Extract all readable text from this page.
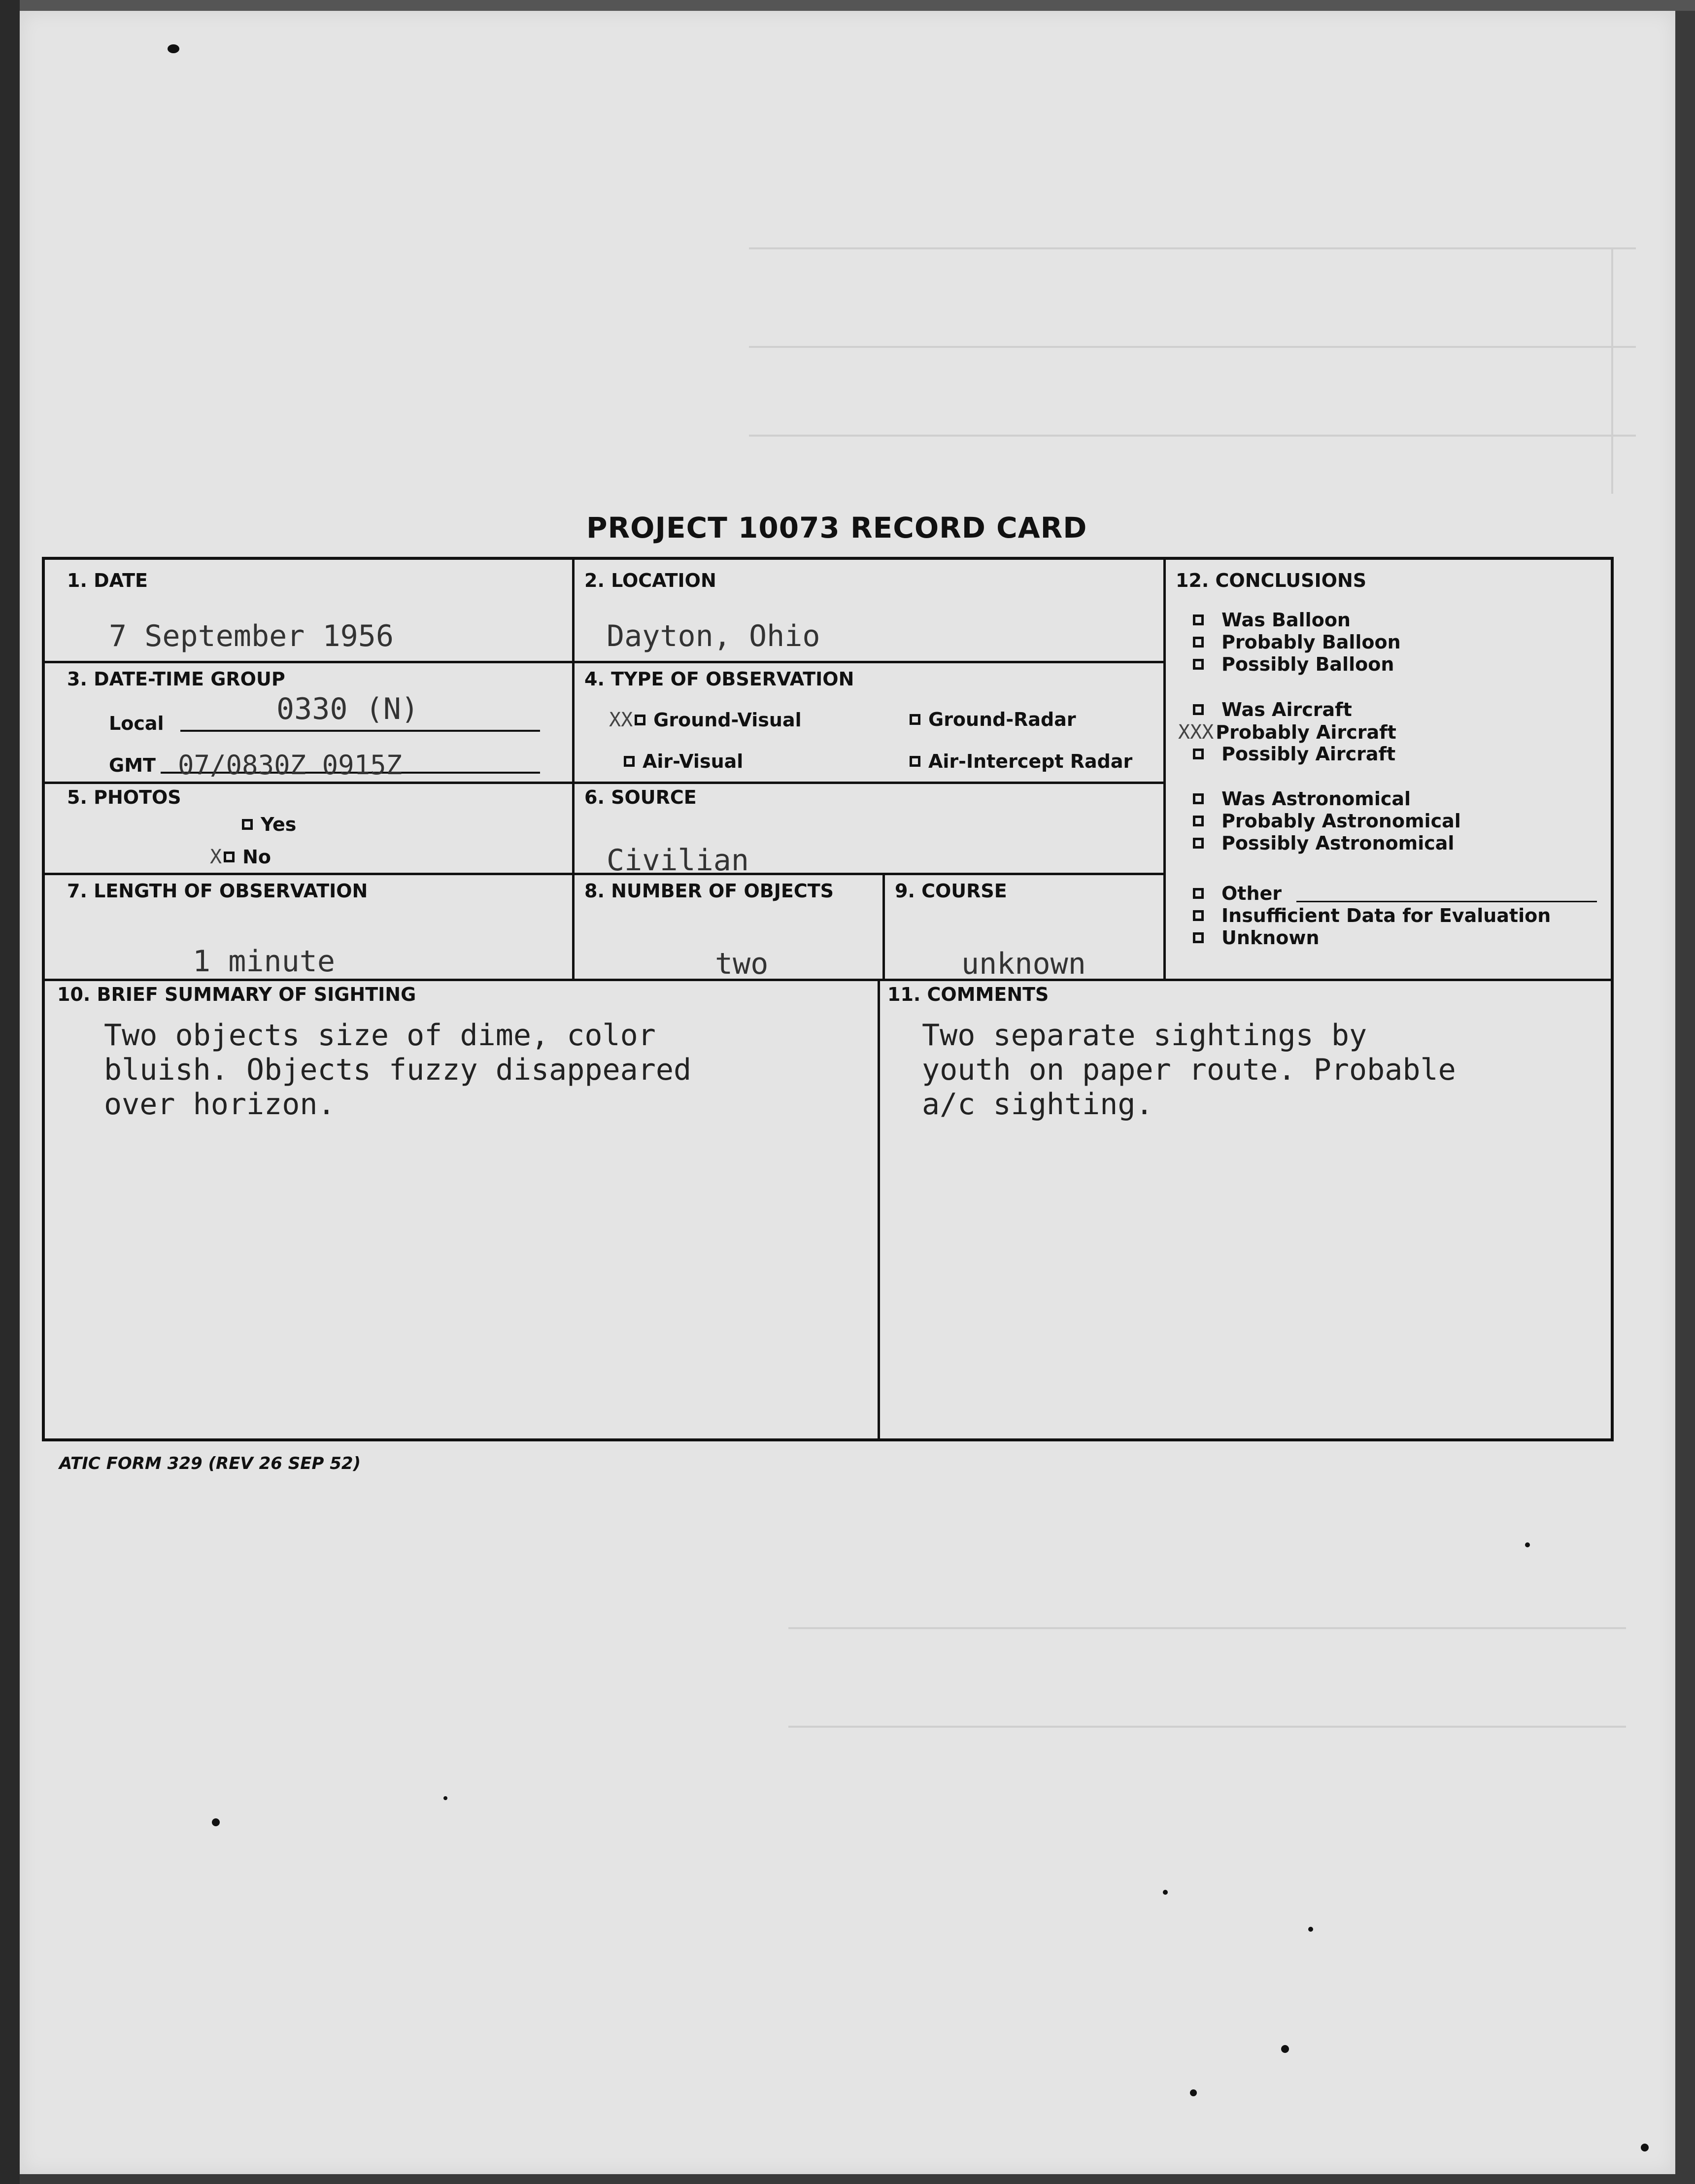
PROJECT 10073 RECORD CARD
1. DATE
7 September 1956
2. LOCATION
Dayton, Ohio
3. DATE-TIME GROUP
Local	0330 (N)
GMT 07/0830Z 0915Z
4. TYPE OF OBSERVATION
XX Ground-Visual	Ground-Radar
Air-Visual	Air-Intercept Radar
5. PHOTOS
Yes
X No
6. SOURCE
Civilian
7. LENGTH OF OBSERVATION
1 minute
8. NUMBER OF OBJECTS
two
9. COURSE
unknown
12. CONCLUSIONS
Was Balloon
Probably Balloon
Possibly Balloon
Was Aircraft
XXX Probably Aircraft
Possibly Aircraft
Was Astronomical
Probably Astronomical
Possibly Astronomical
Other
Insufficient Data for Evaluation
Unknown
10. BRIEF SUMMARY OF SIGHTING
Two objects size of dime, color
bluish. Objects fuzzy disappeared
over horizon.
11. COMMENTS
Two separate sightings by
youth on paper route. Probable
a/c sighting.
ATIC FORM 329 (REV 26 SEP 52)
